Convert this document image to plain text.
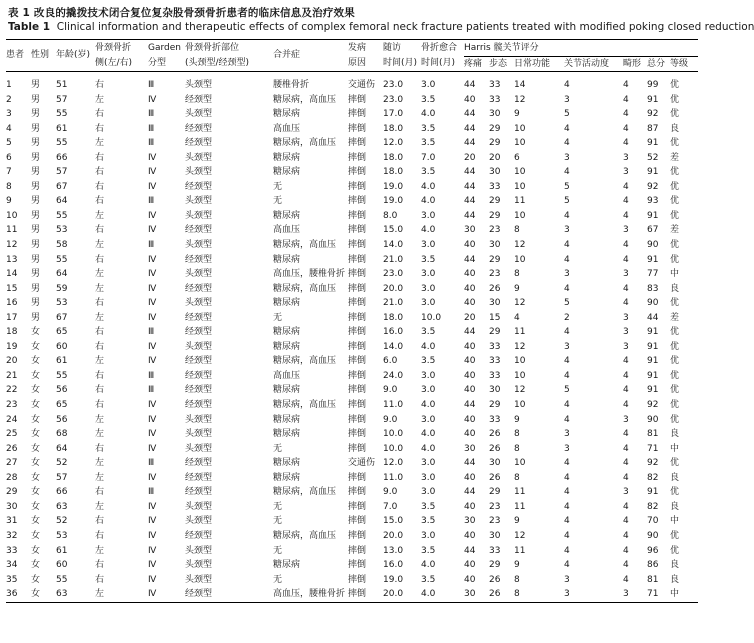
表 1 改良的撬拨技术闭合复位复杂股骨颈骨折患者的临床信息及治疗效果
Table 1 Clinical information and therapeutic effects of complex femoral neck fracture patients treated with modified poking closed reduction
患者	性别	年龄(岁)	骨颈骨折	Garden	骨颈骨折部位	合并症	发病	随访	骨折愈合	Harris 髋关节评分						
			侧(左/右)	分型	(头颈型/经颈型)		原因	时间(月)	时间(月)	疼痛	步态	日常功能	关节活动度	畸形	总分	等级
1	男	51	右	Ⅲ	头颈型	腰椎骨折	交通伤	23.0	3.0	44	33	14	4	4	99	优
2	男	57	左	Ⅳ	经颈型	糖尿病，高血压	摔倒	23.0	3.5	40	33	12	3	4	91	优
3	男	55	右	Ⅲ	头颈型	糖尿病	摔倒	17.0	4.0	44	30	9	5	4	92	优
4	男	61	右	Ⅲ	经颈型	高血压	摔倒	18.0	3.5	44	29	10	4	4	87	良
5	男	55	左	Ⅲ	经颈型	糖尿病，高血压	摔倒	12.0	3.5	44	29	10	4	4	91	优
6	男	66	右	Ⅳ	头颈型	糖尿病	摔倒	18.0	7.0	20	20	6	3	3	52	差
7	男	57	右	Ⅳ	头颈型	糖尿病	摔倒	18.0	3.5	44	30	10	4	3	91	优
8	男	67	右	Ⅳ	经颈型	无	摔倒	19.0	4.0	44	33	10	5	4	92	优
9	男	64	右	Ⅲ	头颈型	无	摔倒	19.0	4.0	44	29	11	5	4	93	优
10	男	55	左	Ⅳ	头颈型	糖尿病	摔倒	8.0	3.0	44	29	10	4	4	91	优
11	男	53	右	Ⅳ	经颈型	高血压	摔倒	15.0	4.0	30	23	8	3	3	67	差
12	男	58	左	Ⅲ	头颈型	糖尿病，高血压	摔倒	14.0	3.0	40	30	12	4	4	90	优
13	男	55	右	Ⅳ	经颈型	糖尿病	摔倒	21.0	3.5	44	29	10	4	4	91	优
14	男	64	左	Ⅳ	头颈型	高血压，腰椎骨折	摔倒	23.0	3.0	40	23	8	3	3	77	中
15	男	59	左	Ⅳ	经颈型	糖尿病，高血压	摔倒	20.0	3.0	40	26	9	4	4	83	良
16	男	53	右	Ⅳ	头颈型	糖尿病	摔倒	21.0	3.0	40	30	12	5	4	90	优
17	男	67	左	Ⅳ	经颈型	无	摔倒	18.0	10.0	20	15	4	2	3	44	差
18	女	65	右	Ⅲ	经颈型	糖尿病	摔倒	16.0	3.5	44	29	11	4	3	91	优
19	女	60	右	Ⅳ	头颈型	糖尿病	摔倒	14.0	4.0	40	33	12	3	3	91	优
20	女	61	左	Ⅳ	经颈型	糖尿病，高血压	摔倒	6.0	3.5	40	33	10	4	4	91	优
21	女	55	右	Ⅲ	经颈型	高血压	摔倒	24.0	3.0	40	33	10	4	4	91	优
22	女	56	右	Ⅲ	经颈型	糖尿病	摔倒	9.0	3.0	40	30	12	5	4	91	优
23	女	65	右	Ⅳ	经颈型	糖尿病，高血压	摔倒	11.0	4.0	44	29	10	4	4	92	优
24	女	56	左	Ⅳ	头颈型	糖尿病	摔倒	9.0	3.0	40	33	9	4	3	90	优
25	女	68	左	Ⅳ	头颈型	糖尿病	摔倒	10.0	4.0	40	26	8	3	4	81	良
26	女	64	右	Ⅳ	头颈型	无	摔倒	10.0	4.0	30	26	8	3	4	71	中
27	女	52	左	Ⅲ	经颈型	糖尿病	交通伤	12.0	3.0	44	30	10	4	4	92	优
28	女	57	左	Ⅳ	经颈型	糖尿病	摔倒	11.0	3.0	40	26	8	4	4	82	良
29	女	66	右	Ⅲ	经颈型	糖尿病，高血压	摔倒	9.0	3.0	44	29	11	4	3	91	优
30	女	63	左	Ⅳ	头颈型	无	摔倒	7.0	3.5	40	23	11	4	4	82	良
31	女	52	右	Ⅳ	头颈型	无	摔倒	15.0	3.5	30	23	9	4	4	70	中
32	女	53	右	Ⅳ	经颈型	糖尿病，高血压	摔倒	20.0	3.0	40	30	12	4	4	90	优
33	女	61	左	Ⅳ	头颈型	无	摔倒	13.0	3.5	44	33	11	4	4	96	优
34	女	60	右	Ⅳ	头颈型	糖尿病	摔倒	16.0	4.0	40	29	9	4	4	86	良
35	女	55	右	Ⅳ	头颈型	无	摔倒	19.0	3.5	40	26	8	3	4	81	良
36	女	63	左	Ⅳ	经颈型	高血压，腰椎骨折	摔倒	20.0	4.0	30	26	8	3	3	71	中
